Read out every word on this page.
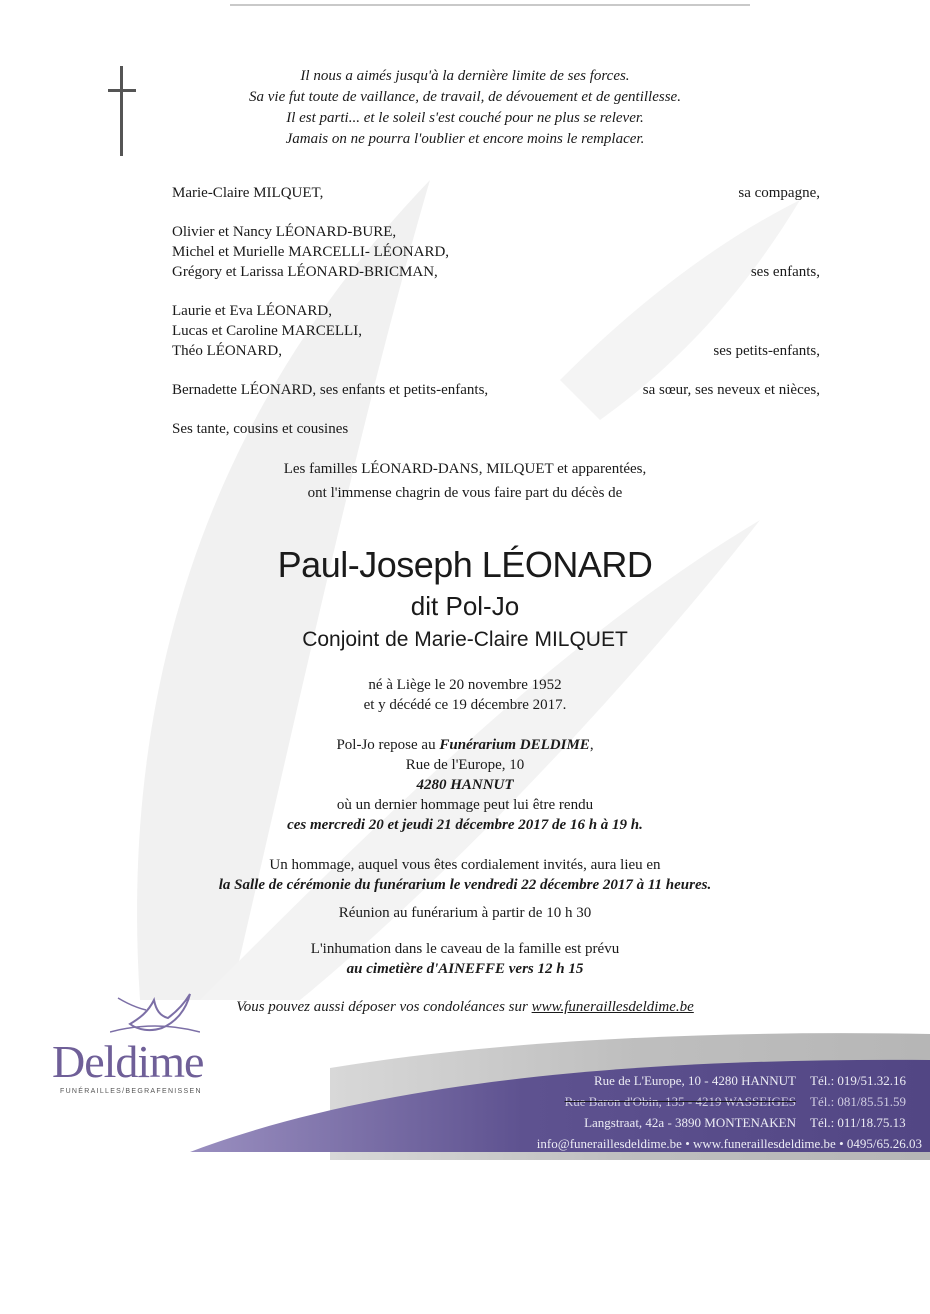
Il nous a aimés jusqu'à la dernière limite de ses forces.
Sa vie fut toute de vaillance, de travail, de dévouement et de gentillesse.
Il est parti... et le soleil s'est couché pour ne plus se relever.
Jamais on ne pourra l'oublier et encore moins le remplacer.
Marie-Claire MILQUET,	sa compagne,
Olivier et Nancy LÉONARD-BURE,
Michel et Murielle MARCELLI- LÉONARD,
Grégory et Larissa LÉONARD-BRICMAN,	ses enfants,
Laurie et Eva LÉONARD,
Lucas et Caroline MARCELLI,
Théo LÉONARD,	ses petits-enfants,
Bernadette LÉONARD, ses enfants et petits-enfants,	sa sœur, ses neveux et nièces,
Ses tante, cousins et cousines
Les familles LÉONARD-DANS, MILQUET et apparentées,
ont l'immense chagrin de vous faire part du décès de
Paul-Joseph LÉONARD
dit Pol-Jo
Conjoint de Marie-Claire MILQUET
né à Liège le 20 novembre 1952
et y décédé ce 19 décembre 2017.
Pol-Jo repose au Funérarium DELDIME,
Rue de l'Europe, 10
4280 HANNUT
où un dernier hommage peut lui être rendu
ces mercredi 20 et jeudi 21 décembre 2017 de 16 h à 19 h.
Un hommage, auquel vous êtes cordialement invités, aura lieu en
la Salle de cérémonie du funérarium le vendredi 22 décembre 2017 à 11 heures.
Réunion au funérarium à partir de 10 h 30
L'inhumation dans le caveau de la famille est prévu
au cimetière d'AINEFFE vers 12 h 15
Vous pouvez aussi déposer vos condoléances sur www.funeraillesdeldime.be
Deldime
FUNÉRAILLES/BEGRAFENISSEN
Rue de L'Europe, 10 - 4280 HANNUT Tél.: 019/51.32.16
Rue Baron d'Obin, 135 - 4219 WASSEIGES Tél.: 081/85.51.59
Langstraat, 42a - 3890 MONTENAKEN Tél.: 011/18.75.13
info@funeraillesdeldime.be • www.funeraillesdeldime.be • 0495/65.26.03
